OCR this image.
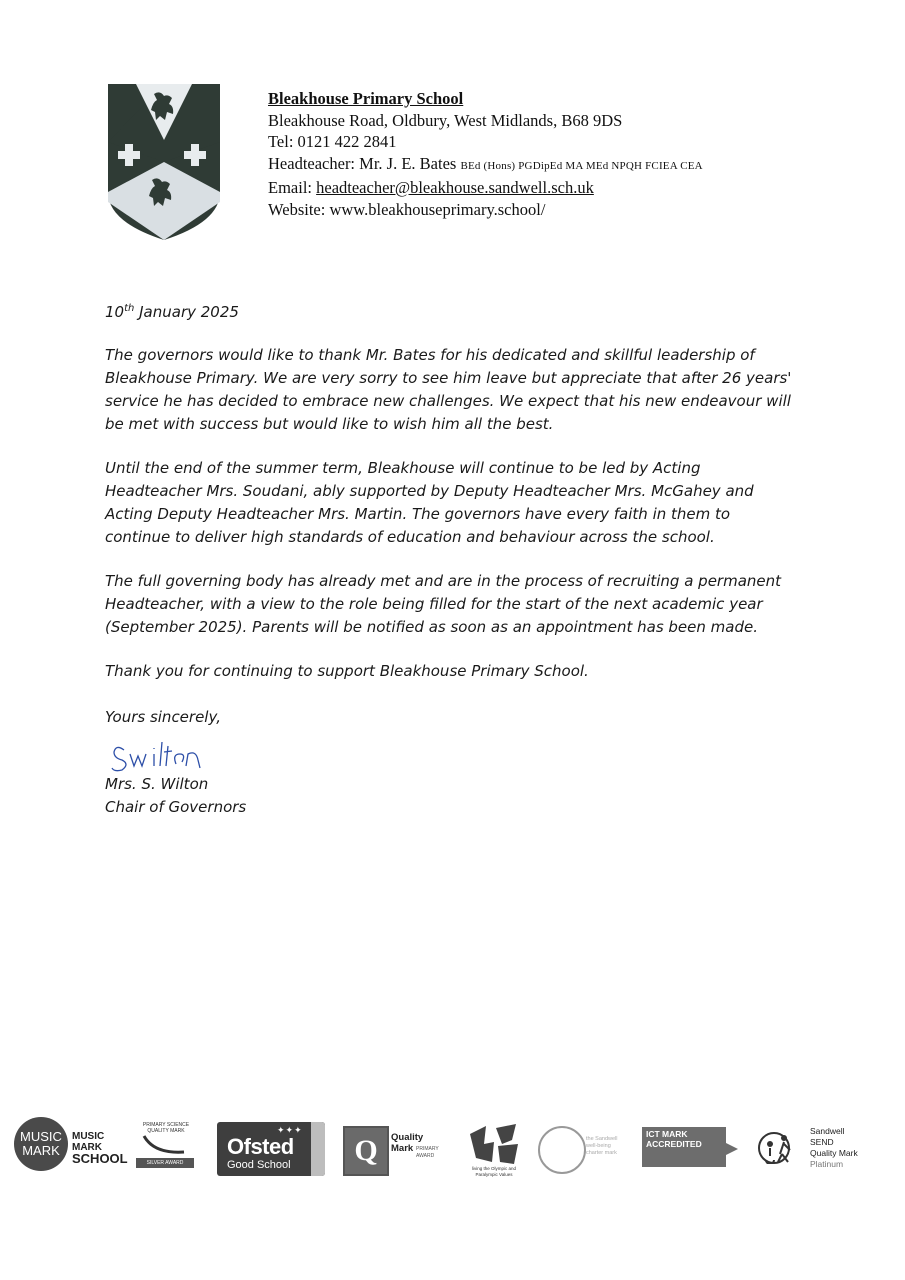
Bleakhouse Primary School
Bleakhouse Road, Oldbury, West Midlands, B68 9DS
Tel: 0121 422 2841
Headteacher: Mr. J. E. Bates BEd (Hons) PGDipEd MA MEd NPQH FCIEA CEA
Email: headteacher@bleakhouse.sandwell.sch.uk
Website: www.bleakhouseprimary.school/
10th January 2025
The governors would like to thank Mr. Bates for his dedicated and skillful leadership of Bleakhouse Primary. We are very sorry to see him leave but appreciate that after 26 years' service he has decided to embrace new challenges. We expect that his new endeavour will be met with success but would like to wish him all the best.
Until the end of the summer term, Bleakhouse will continue to be led by Acting Headteacher Mrs. Soudani, ably supported by Deputy Headteacher Mrs. McGahey and Acting Deputy Headteacher Mrs. Martin. The governors have every faith in them to continue to deliver high standards of education and behaviour across the school.
The full governing body has already met and are in the process of recruiting a permanent Headteacher, with a view to the role being filled for the start of the next academic year (September 2025). Parents will be notified as soon as an appointment has been made.
Thank you for continuing to support Bleakhouse Primary School.
Yours sincerely,
Mrs. S. Wilton
Chair of Governors
MUSIC
MARK
MUSIC MARK
SCHOOL
PRIMARY SCIENCE QUALITY MARK
SILVER AWARD
✦✦✦
Ofsted
Good School	Q	Quality Mark PRIMARY
AWARD
living the Olympic and Paralympic Values
the Sandwell well-being charter mark
ICT MARK
ACCREDITED
Sandwell
SEND
Quality Mark
Platinum
